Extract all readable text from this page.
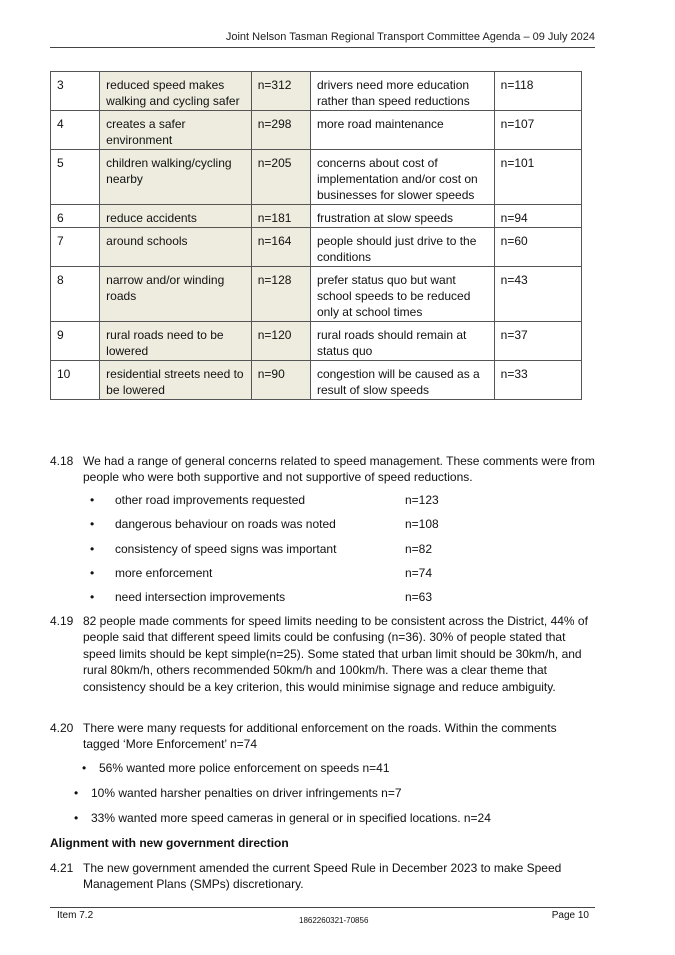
Joint Nelson Tasman Regional Transport Committee Agenda – 09 July 2024
3	reduced speed makes walking and cycling safer	n=312	drivers need more education rather than speed reductions	n=118
4	creates a safer environment	n=298	more road maintenance	n=107
5	children walking/cycling nearby	n=205	concerns about cost of implementation and/or cost on businesses for slower speeds	n=101
6	reduce accidents	n=181	frustration at slow speeds	n=94
7	around schools	n=164	people should just drive to the conditions	n=60
8	narrow and/or winding roads	n=128	prefer status quo but want school speeds to be reduced only at school times	n=43
9	rural roads need to be lowered	n=120	rural roads should remain at status quo	n=37
10	residential streets need to be lowered	n=90	congestion will be caused as a result of slow speeds	n=33
4.18 We had a range of general concerns related to speed management. These comments were from people who were both supportive and not supportive of speed reductions.
• other road improvements requested	n=123
• dangerous behaviour on roads was noted	n=108
• consistency of speed signs was important	n=82
• more enforcement	n=74
• need intersection improvements	n=63
4.19 82 people made comments for speed limits needing to be consistent across the District, 44% of people said that different speed limits could be confusing (n=36). 30% of people stated that speed limits should be kept simple(n=25). Some stated that urban limit should be 30km/h, and rural 80km/h, others recommended 50km/h and 100km/h. There was a clear theme that consistency should be a key criterion, this would minimise signage and reduce ambiguity.
4.20 There were many requests for additional enforcement on the roads. Within the comments tagged ‘More Enforcement’ n=74
• 56% wanted more police enforcement on speeds n=41
• 10% wanted harsher penalties on driver infringements n=7
• 33% wanted more speed cameras in general or in specified locations. n=24
Alignment with new government direction
4.21 The new government amended the current Speed Rule in December 2023 to make Speed Management Plans (SMPs) discretionary.
Item 7.2	1862260321-70856	Page 10
